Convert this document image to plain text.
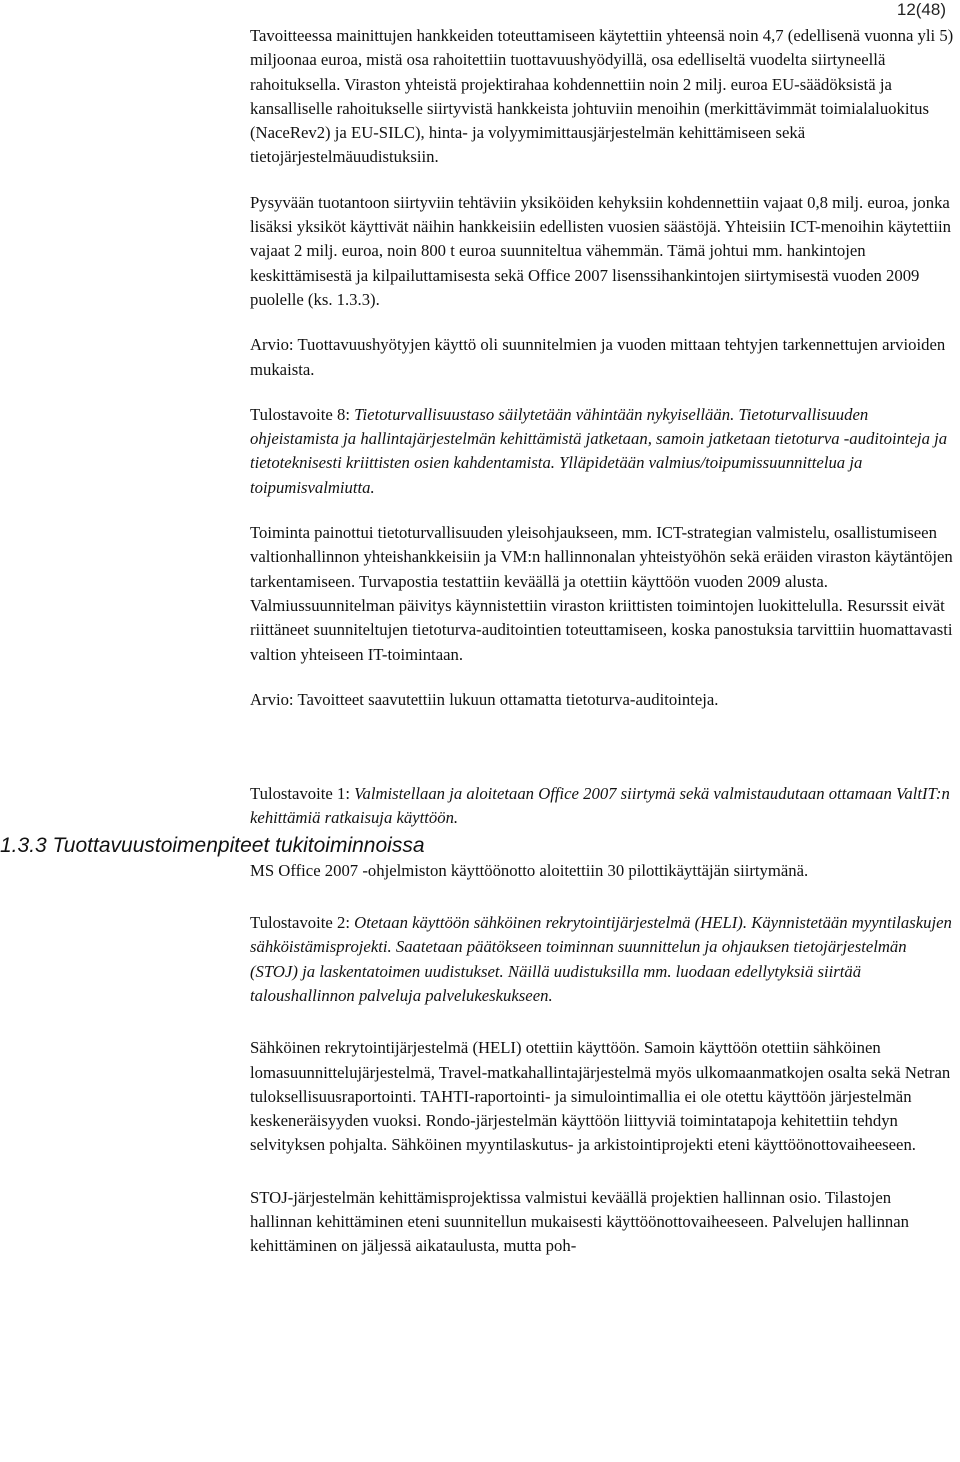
12(48)
1.3.3 Tuottavuustoimenpiteet tukitoiminnoissa

Tavoitteessa mainittujen hankkeiden toteuttamiseen käytettiin yhteensä noin 4,7 (edellisenä vuonna yli 5) miljoonaa euroa, mistä osa rahoitettiin tuottavuushyödyillä, osa edelliseltä vuodelta siirtyneellä rahoituksella. Viraston yhteistä projektirahaa kohdennettiin noin 2 milj. euroa EU-säädöksistä ja kansalliselle rahoitukselle siirtyvistä hankkeista johtuviin menoihin (merkittävimmät toimialaluokitus (NaceRev2) ja EU-SILC), hinta- ja volyymimittausjärjestelmän kehittämiseen sekä tietojärjestelmäuudistuksiin.

Pysyvään tuotantoon siirtyviin tehtäviin yksiköiden kehyksiin kohdennettiin vajaat 0,8 milj. euroa, jonka lisäksi yksiköt käyttivät näihin hankkeisiin edellisten vuosien säästöjä. Yhteisiin ICT-menoihin käytettiin vajaat 2 milj. euroa, noin 800 t euroa suunniteltua vähemmän. Tämä johtui mm. hankintojen keskittämisestä ja kilpailuttamisesta sekä Office 2007 lisenssihankintojen siirtymisestä vuoden 2009 puolelle (ks. 1.3.3).

Arvio: Tuottavuushyötyjen käyttö oli suunnitelmien ja vuoden mittaan tehtyjen tarkennettujen arvioiden mukaista.

Tulostavoite 8: Tietoturvallisuustaso säilytetään vähintään nykyisellään. Tietoturvallisuuden ohjeistamista ja hallintajärjestelmän kehittämistä jatketaan, samoin jatketaan tietoturva -auditointeja ja tietoteknisesti kriittisten osien kahdentamista. Ylläpidetään valmius/toipumissuunnittelua ja toipumisvalmiutta.

Toiminta painottui tietoturvallisuuden yleisohjaukseen, mm. ICT-strategian valmistelu, osallistumiseen valtionhallinnon yhteishankkeisiin ja VM:n hallinnonalan yhteistyöhön sekä eräiden viraston käytäntöjen tarkentamiseen. Turvapostia testattiin keväällä ja otettiin käyttöön vuoden 2009 alusta. Valmiussuunnitelman päivitys käynnistettiin viraston kriittisten toimintojen luokittelulla. Resurssit eivät riittäneet suunniteltujen tietoturva-auditointien toteuttamiseen, koska panostuksia tarvittiin huomattavasti valtion yhteiseen IT-toimintaan.

Arvio: Tavoitteet saavutettiin lukuun ottamatta tietoturva-auditointeja.

Tulostavoite 1: Valmistellaan ja aloitetaan Office 2007 siirtymä sekä valmistaudutaan ottamaan ValtIT:n kehittämiä ratkaisuja käyttöön.

MS Office 2007 -ohjelmiston käyttöönotto aloitettiin 30 pilottikäyttäjän siirtymänä.

Tulostavoite 2: Otetaan käyttöön sähköinen rekrytointijärjestelmä (HELI). Käynnistetään myyntilaskujen sähköistämisprojekti. Saatetaan päätökseen toiminnan suunnittelun ja ohjauksen tietojärjestelmän (STOJ) ja laskentatoimen uudistukset. Näillä uudistuksilla mm. luodaan edellytyksiä siirtää taloushallinnon palveluja palvelukeskukseen.

Sähköinen rekrytointijärjestelmä (HELI) otettiin käyttöön. Samoin käyttöön otettiin sähköinen lomasuunnittelujärjestelmä, Travel-matkahallintajärjestelmä myös ulkomaanmatkojen osalta sekä Netran tuloksellisuusraportointi. TAHTI-raportointi- ja simulointimallia ei ole otettu käyttöön järjestelmän keskeneräisyyden vuoksi. Rondo-järjestelmän käyttöön liittyviä toimintatapoja kehitettiin tehdyn selvityksen pohjalta. Sähköinen myyntilaskutus- ja arkistointiprojekti eteni käyttöönottovaiheeseen.

STOJ-järjestelmän kehittämisprojektissa valmistui keväällä projektien hallinnan osio. Tilastojen hallinnan kehittäminen eteni suunnitellun mukaisesti käyttöönottovaiheeseen. Palvelujen hallinnan kehittäminen on jäljessä aikataulusta, mutta poh-
